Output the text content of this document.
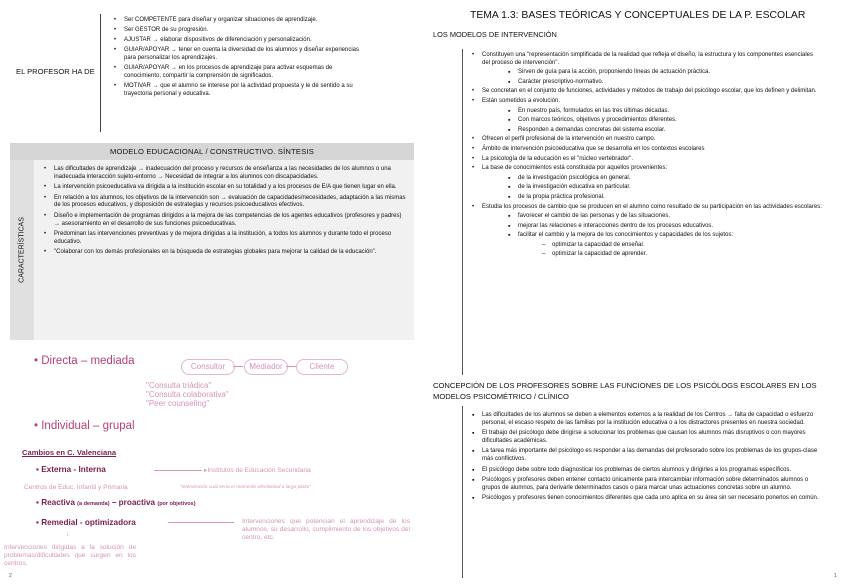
EL PROFESOR HA DE
• Ser COMPETENTE para diseñar y organizar situaciones de aprendizaje.
• Ser GESTOR de su progresión.
• AJUSTAR → elaborar dispositivos de diferenciación y personalización.
• GUIAR/APOYAR → tener en cuenta la diversidad de los alumnos y diseñar experiencias para personalizar los aprendizajes.
• GUIAR/APOYAR → en los procesos de aprendizaje para activar esquemas de conocimiento, compartir la comprensión de significados.
• MOTIVAR → que el alumno se interese por la actividad propuesta y le dé sentido a su trayectoria personal y educativa.
MODELO EDUCACIONAL / CONSTRUCTIVO. SÍNTESIS
CARACTERÍSTICAS
• Las dificultades de aprendizaje → inadecuación del proceso y recursos de enseñanza a las necesidades de los alumnos o una inadecuada interacción sujeto-entorno → Necesidad de integrar a los alumnos con discapacidades.
• La intervención psicoeducativa va dirigida a la institución escolar en su totalidad y a los procesos de E/A que tienen lugar en ella.
• En relación a los alumnos, los objetivos de la intervención son → evaluación de capacidades/necesidades, adaptación a las mismas de los procesos educativos, y disposición de estrategias y recursos psicoeducativos efectivos.
• Diseño e implementación de programas dirigidos a la mejora de las competencias de los agentes educativos (profesores y padres) → asesoramiento en el desarrollo de sus funciones psicoeducativas.
• Predominan las intervenciones preventivas y de mejora dirigidas a la institución, a todos los alumnos y durante todo el proceso educativo.
• "Colaborar con los demás profesionales en la búsqueda de estrategias globales para mejorar la calidad de la educación".
• Directa – mediada	Consultor	Mediador	Cliente
"Consulta triádica"
"Consulta colaborativa"
"Peer counseling"
• Individual – grupal
Cambios en C. Valenciana
▪ Externa - Interna	▸Institutos de Educación Secundaria
Centros de Educ. Infantil y Primaria	"intervención cuál sería el momento efectividad a largo plazo"
▪ Reactiva (a demanda) – proactiva (por objetivos)
▪ Remedial - optimizadora	Intervenciones que potencian el aprendizaje de los alumnos, su desarrollo, cumplimiento de los objetivos del centro, etc.
↓
Intervenciones dirigidas a la solución de problemas/dificultades que surgen en los centros.
2
TEMA 1.3: BASES TEÓRICAS Y CONCEPTUALES DE LA P. ESCOLAR
LOS MODELOS DE INTERVENCIÓN
• Constituyen una "representación simplificada de la realidad que refleja el diseño, la estructura y los componentes esenciales del proceso de intervención".
▪ Sirven de guía para la acción, proponiendo líneas de actuación práctica.
▪ Carácter prescriptivo-normativo.
• Se concretan en el conjunto de funciones, actividades y métodos de trabajo del psicólogo escolar, que los definen y delimitan.
• Están sometidos a evolución.
▪ En nuestro país, formulados en las tres últimas décadas.
▪ Con marcos teóricos, objetivos y procedimientos diferentes.
▪ Responden a demandas concretas del sistema escolar.
• Ofrecen el perfil profesional de la intervención en nuestro campo.
• Ámbito de intervención psicoeducativa que se desarrolla en los contextos escolares
• La psicología de la educación es el "núcleo vertebrador".
• La base de conocimientos está constituida por aquellos provenientes:
▪ de la investigación psicológica en general.
▪ de la investigación educativa en particular.
▪ de la propia práctica profesional.
• Estudia los procesos de cambio que se producen en el alumno como resultado de su participación en las actividades escolares:
▪ favorecer el cambio de las personas y de las situaciones.
▪ mejorar las relaciones e interacciones dentro de los procesos educativos.
▪ facilitar el cambio y la mejora de los conocimientos y capacidades de los sujetos:
– optimizar la capacidad de enseñar.
– optimizar la capacidad de aprender.
CONCEPCIÓN DE LOS PROFESORES SOBRE LAS FUNCIONES DE LOS PSICÓLOGS ESCOLARES EN LOS MODELOS PSICOMÉTRICO / CLÍNICO
▪ Las dificultades de los alumnos se deben a elementos externos a la realidad de los Centros → falta de capacidad o esfuerzo personal, el escaso respeto de las familias por la institución educativa o a los distractores presentes en nuestra sociedad.
▪ El trabajo del psicólogo debe dirigirse a solucionar los problemas que causan los alumnos más disruptivos o con mayores dificultades académicas.
▪ La tarea más importante del psicólogo es responder a las demandas del profesorado sobre los problemas de los grupos-clase más conflictivos.
▪ El psicólogo debe sobre todo diagnosticar los problemas de ciertos alumnos y dirigirles a los programas específicos.
▪ Psicólogos y profesores deben entener contacto únicamente para intercambiar información sobre determinados alumnos o grupos de alumnos, para derivarle determinados casos o para marcar unas actuaciones concretas sobre un alumno.
▪ Psicólogos y profesores tienen conocimientos diferentes que cada uno aplica en su área sin ser necesario ponerlos en común.
1
